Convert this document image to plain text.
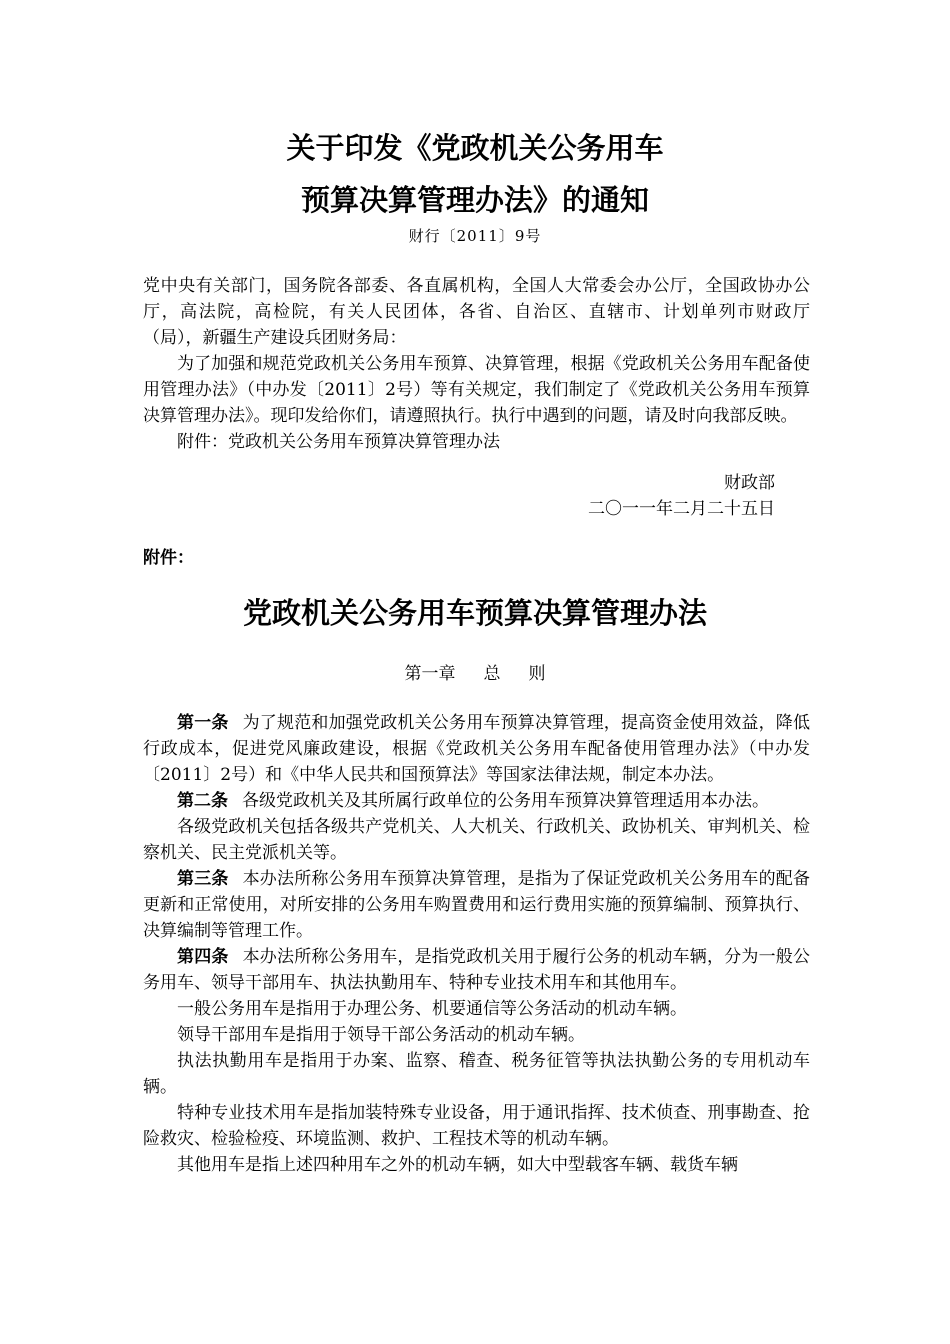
关于印发《党政机关公务用车
预算决算管理办法》的通知
财行〔2011〕9号

党中央有关部门，国务院各部委、各直属机构，全国人大常委会办公厅，全国政协办公厅，高法院，高检院，有关人民团体，各省、自治区、直辖市、计划单列市财政厅（局），新疆生产建设兵团财务局：

为了加强和规范党政机关公务用车预算、决算管理，根据《党政机关公务用车配备使用管理办法》（中办发〔2011〕2号）等有关规定，我们制定了《党政机关公务用车预算决算管理办法》。现印发给你们，请遵照执行。执行中遇到的问题，请及时向我部反映。

附件：党政机关公务用车预算决算管理办法

财政部
二〇一一年二月二十五日
附件：
党政机关公务用车预算决算管理办法
第一章 总 则

第一条 为了规范和加强党政机关公务用车预算决算管理，提高资金使用效益，降低行政成本，促进党风廉政建设，根据《党政机关公务用车配备使用管理办法》（中办发〔2011〕2号）和《中华人民共和国预算法》等国家法律法规，制定本办法。

第二条 各级党政机关及其所属行政单位的公务用车预算决算管理适用本办法。

各级党政机关包括各级共产党机关、人大机关、行政机关、政协机关、审判机关、检察机关、民主党派机关等。

第三条 本办法所称公务用车预算决算管理，是指为了保证党政机关公务用车的配备更新和正常使用，对所安排的公务用车购置费用和运行费用实施的预算编制、预算执行、决算编制等管理工作。

第四条 本办法所称公务用车，是指党政机关用于履行公务的机动车辆，分为一般公务用车、领导干部用车、执法执勤用车、特种专业技术用车和其他用车。

一般公务用车是指用于办理公务、机要通信等公务活动的机动车辆。

领导干部用车是指用于领导干部公务活动的机动车辆。

执法执勤用车是指用于办案、监察、稽查、税务征管等执法执勤公务的专用机动车辆。

特种专业技术用车是指加装特殊专业设备，用于通讯指挥、技术侦查、刑事勘查、抢险救灾、检验检疫、环境监测、救护、工程技术等的机动车辆。

其他用车是指上述四种用车之外的机动车辆，如大中型载客车辆、载货车辆
